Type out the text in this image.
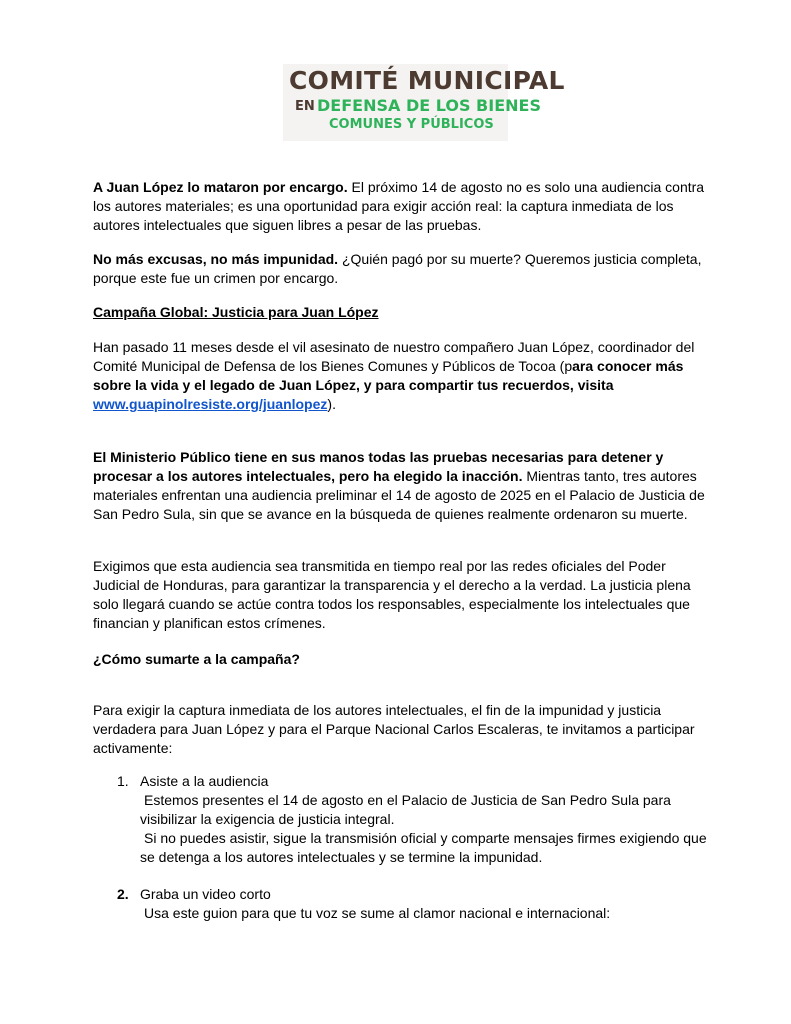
COMITÉ MUNICIPAL
EN DEFENSA DE LOS BIENES
COMUNES Y PÚBLICOS

A Juan López lo mataron por encargo. El próximo 14 de agosto no es solo una audiencia contra los autores materiales; es una oportunidad para exigir acción real: la captura inmediata de los autores intelectuales que siguen libres a pesar de las pruebas.

No más excusas, no más impunidad. ¿Quién pagó por su muerte? Queremos justicia completa, porque este fue un crimen por encargo.

Campaña Global: Justicia para Juan López

Han pasado 11 meses desde el vil asesinato de nuestro compañero Juan López, coordinador del Comité Municipal de Defensa de los Bienes Comunes y Públicos de Tocoa (para conocer más sobre la vida y el legado de Juan López, y para compartir tus recuerdos, visita www.guapinolresiste.org/juanlopez).

El Ministerio Público tiene en sus manos todas las pruebas necesarias para detener y procesar a los autores intelectuales, pero ha elegido la inacción. Mientras tanto, tres autores materiales enfrentan una audiencia preliminar el 14 de agosto de 2025 en el Palacio de Justicia de San Pedro Sula, sin que se avance en la búsqueda de quienes realmente ordenaron su muerte.

Exigimos que esta audiencia sea transmitida en tiempo real por las redes oficiales del Poder Judicial de Honduras, para garantizar la transparencia y el derecho a la verdad. La justicia plena solo llegará cuando se actúe contra todos los responsables, especialmente los intelectuales que financian y planifican estos crímenes.

¿Cómo sumarte a la campaña?

Para exigir la captura inmediata de los autores intelectuales, el fin de la impunidad y justicia verdadera para Juan López y para el Parque Nacional Carlos Escaleras, te invitamos a participar activamente:

1. Asiste a la audiencia
Estemos presentes el 14 de agosto en el Palacio de Justicia de San Pedro Sula para visibilizar la exigencia de justicia integral.
Si no puedes asistir, sigue la transmisión oficial y comparte mensajes firmes exigiendo que se detenga a los autores intelectuales y se termine la impunidad.
2. Graba un video corto
Usa este guion para que tu voz se sume al clamor nacional e internacional:
